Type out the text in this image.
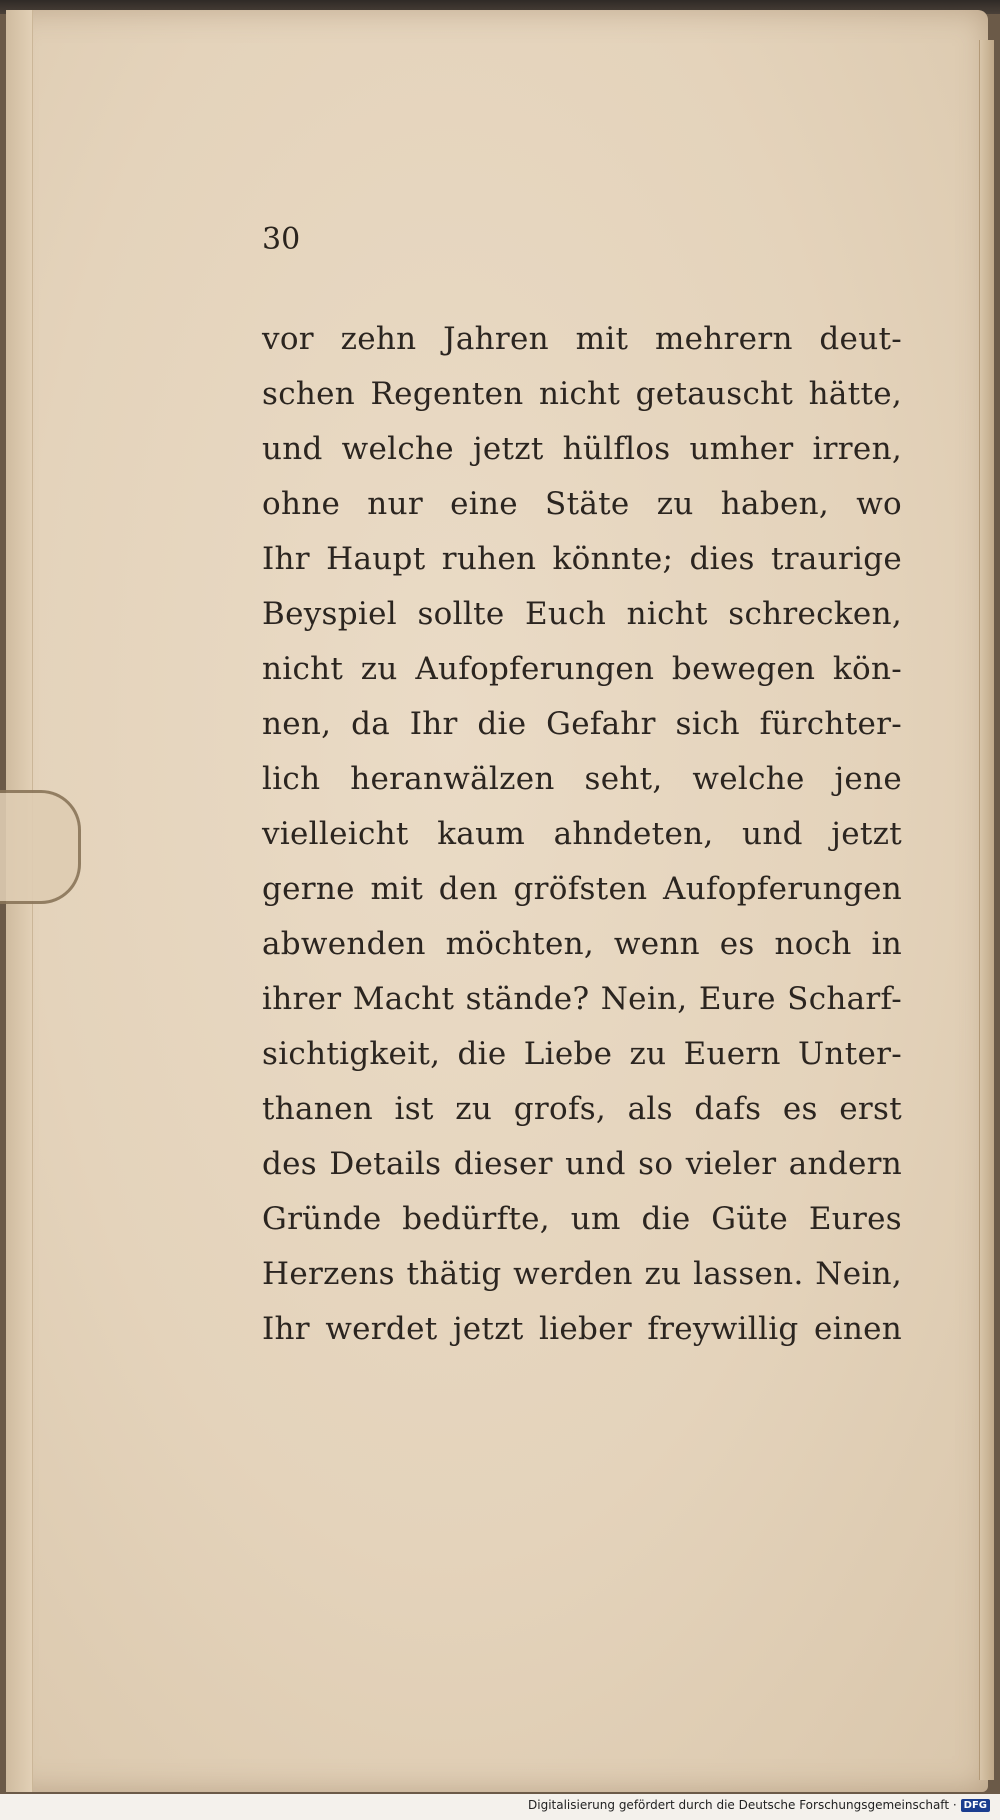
30
vor zehn Jahren mit mehrern deut-
schen Regenten nicht getauscht hätte,
und welche jetzt hülflos umher irren,
ohne nur eine Stäte zu haben, wo
Ihr Haupt ruhen könnte; dies traurige
Beyspiel sollte Euch nicht schrecken,
nicht zu Aufopferungen bewegen kön-
nen, da Ihr die Gefahr sich fürchter-
lich heranwälzen seht, welche jene
vielleicht kaum ahndeten, und jetzt
gerne mit den gröfsten Aufopferungen
abwenden möchten, wenn es noch in
ihrer Macht stände? Nein, Eure Scharf-
sichtigkeit, die Liebe zu Euern Unter-
thanen ist zu grofs, als dafs es erst
des Details dieser und so vieler andern
Gründe bedürfte, um die Güte Eures
Herzens thätig werden zu lassen. Nein,
Ihr werdet jetzt lieber freywillig einen
Digitalisierung gefördert durch die Deutsche Forschungsgemeinschaft · DFG
